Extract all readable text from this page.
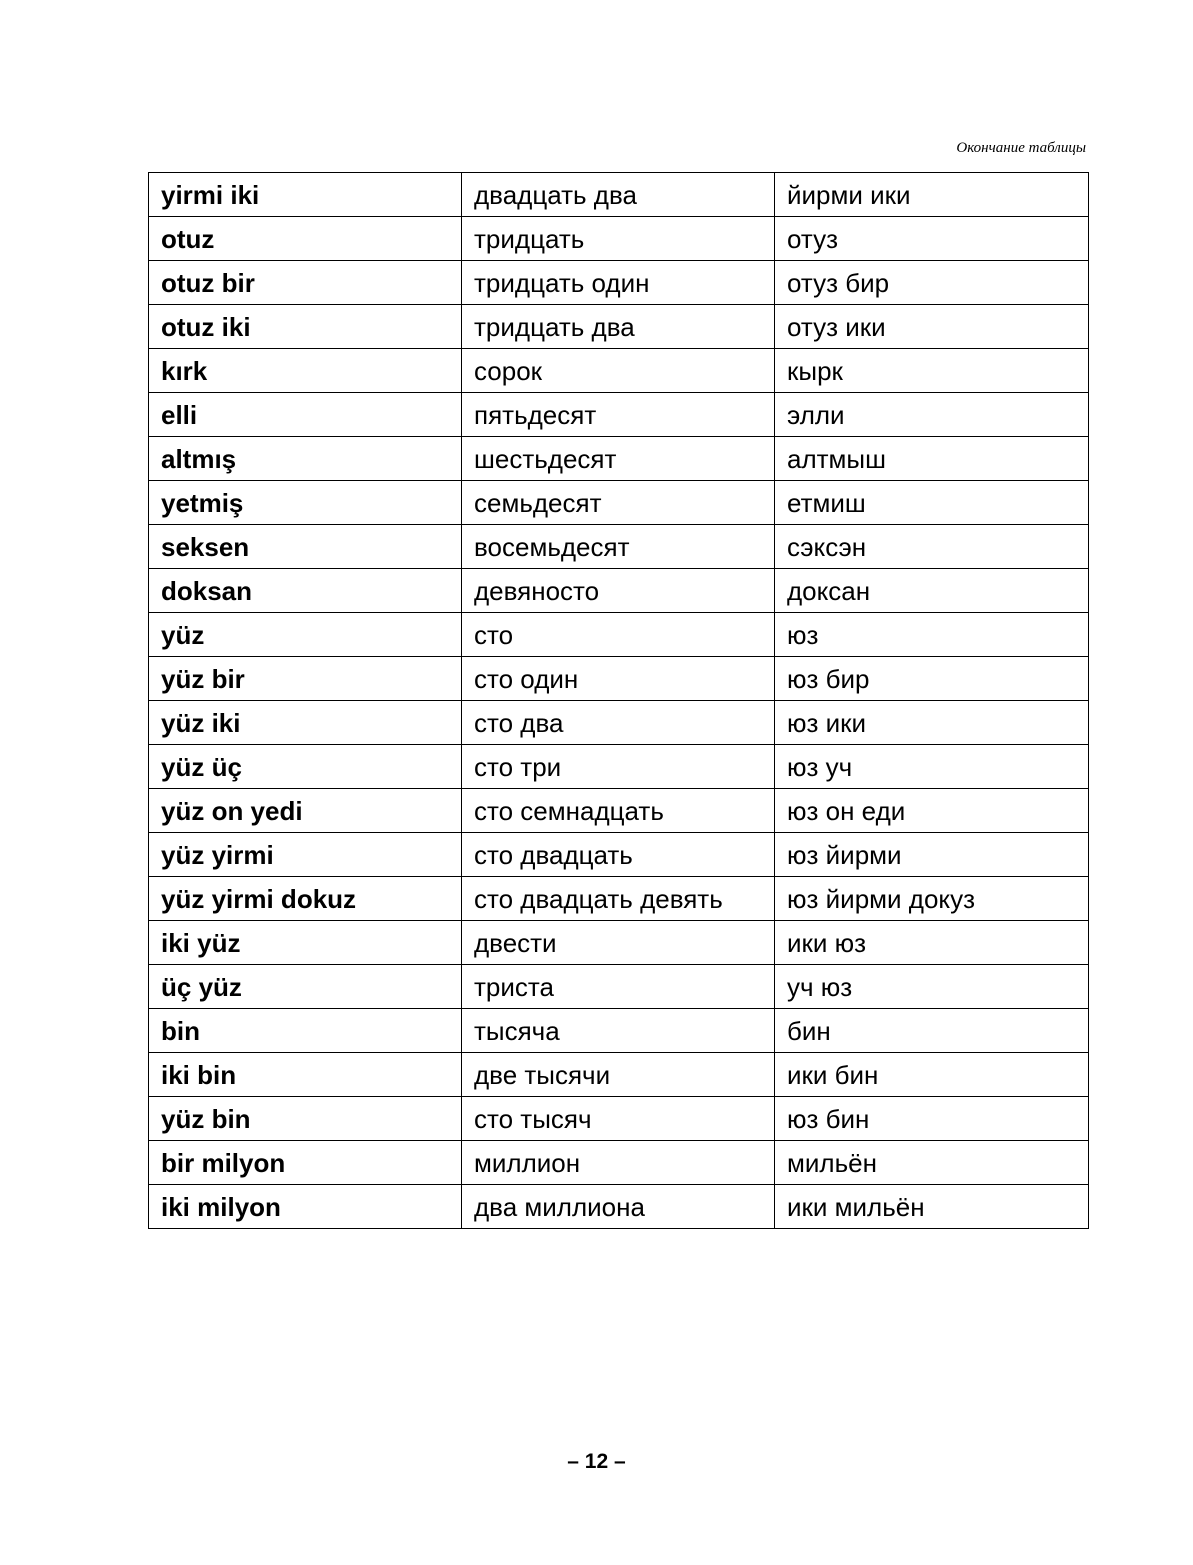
Окончание таблицы
yirmi iki	двадцать два	йирми ики
otuz	тридцать	отуз
otuz bir	тридцать один	отуз бир
otuz iki	тридцать два	отуз ики
kırk	сорок	кырк
elli	пятьдесят	элли
altmış	шестьдесят	алтмыш
yetmiş	семьдесят	етмиш
seksen	восемьдесят	сэксэн
doksan	девяносто	доксан
yüz	сто	юз
yüz bir	сто один	юз бир
yüz iki	сто два	юз ики
yüz üç	сто три	юз уч
yüz on yedi	сто семнадцать	юз он еди
yüz yirmi	сто двадцать	юз йирми
yüz yirmi dokuz	сто двадцать девять	юз йирми докуз
iki yüz	двести	ики юз
üç yüz	триста	уч юз
bin	тысяча	бин
iki bin	две тысячи	ики бин
yüz bin	сто тысяч	юз бин
bir milyon	миллион	мильён
iki milyon	два миллиона	ики мильён
– 12 –
